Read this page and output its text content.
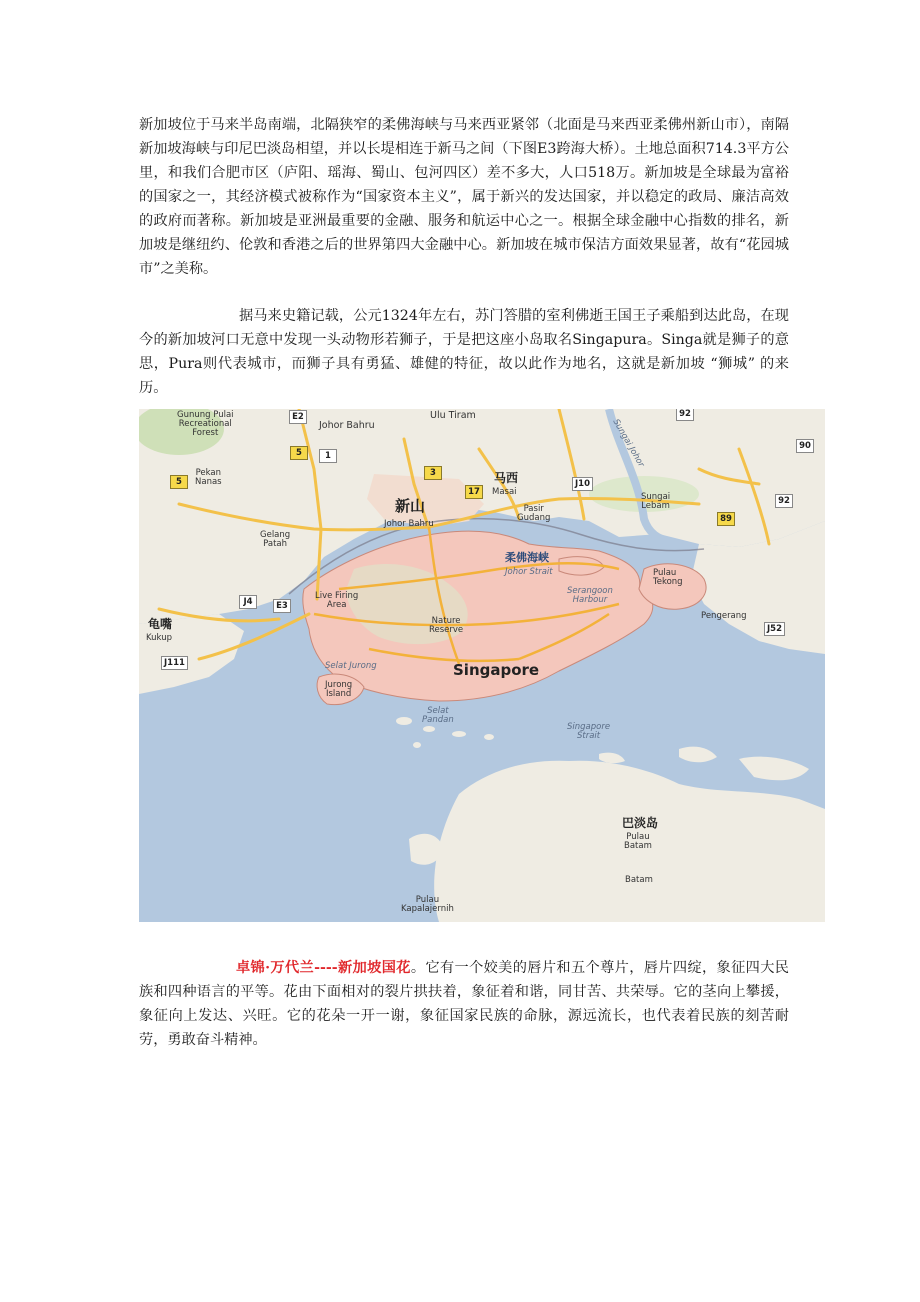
新加坡位于马来半岛南端，北隔狭窄的柔佛海峡与马来西亚紧邻（北面是马来西亚柔佛州新山市），南隔新加坡海峡与印尼巴淡岛相望，并以长堤相连于新马之间（下图E3跨海大桥）。土地总面积714.3平方公里，和我们合肥市区（庐阳、瑶海、蜀山、包河四区）差不多大，人口518万。新加坡是全球最为富裕的国家之一，其经济模式被称作为“国家资本主义”，属于新兴的发达国家，并以稳定的政局、廉洁高效的政府而著称。新加坡是亚洲最重要的金融、服务和航运中心之一。根据全球金融中心指数的排名，新加坡是继纽约、伦敦和香港之后的世界第四大金融中心。新加坡在城市保洁方面效果显著，故有“花园城市”之美称。

据马来史籍记载，公元1324年左右，苏门答腊的室利佛逝王国王子乘船到达此岛，在现今的新加坡河口无意中发现一头动物形若狮子，于是把这座小岛取名Singapura。Singa就是狮子的意思，Pura则代表城市，而狮子具有勇猛、雄健的特征，故以此作为地名，这就是新加坡 “狮城” 的来历。

Gunung Pulai
Recreational
Forest
Johor Bahru
Ulu Tiram
Sungai Johor
Pekan
Nanas
新山
Johor Bahru
马西
Masai
Pasir
Gudang
Sungai
Lebam
Gelang
Patah
柔佛海峡
Johor Strait	Pulau
Tekong
Live Firing
Area
Nature
Reserve
Serangoon
Harbour
Pengerang
龟嘴
Kukup
Selat Jurong	Singapore
Jurong
Island
Selat
Pandan
Singapore
Strait
巴淡岛
Pulau
Batam
Batam
Pulau
Kapalajernih
E2	92
90
5	1
3
17
J10
92
5
89
J4	E3
J52
J111

卓锦·万代兰----新加坡国花。它有一个姣美的唇片和五个尊片，唇片四绽，象征四大民族和四种语言的平等。花由下面相对的裂片拱扶着，象征着和谐，同甘苦、共荣辱。它的茎向上攀援，象征向上发达、兴旺。它的花朵一开一谢，象征国家民族的命脉，源远流长，也代表着民族的刻苦耐劳，勇敢奋斗精神。
